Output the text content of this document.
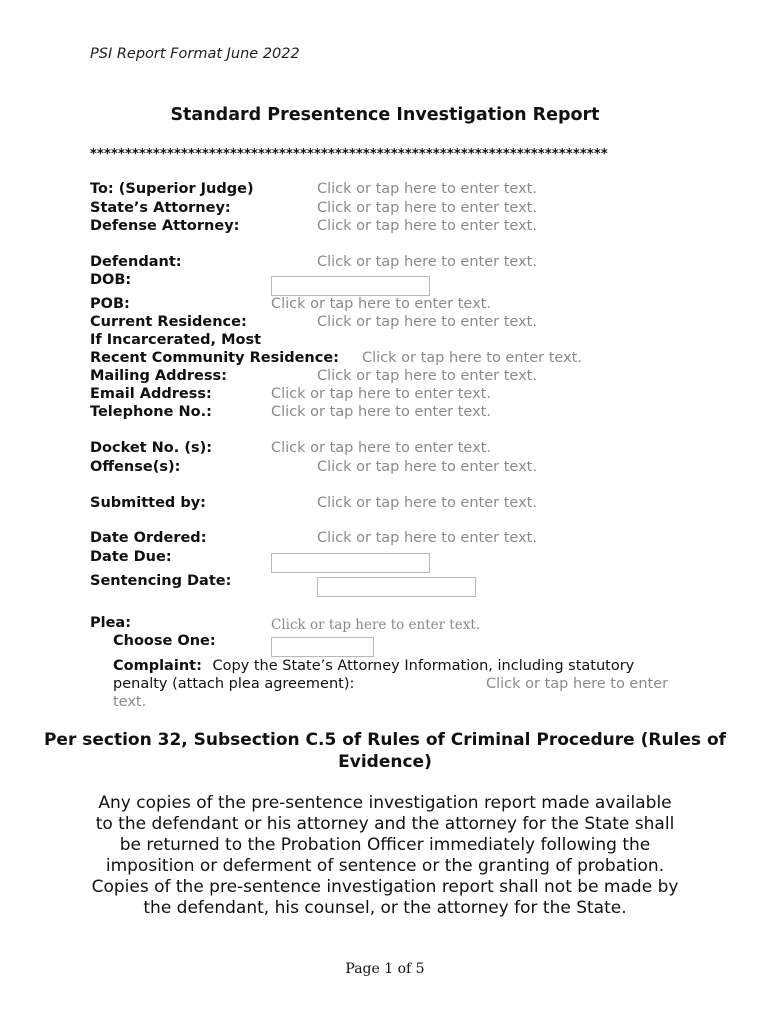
PSI Report Format June 2022
Standard Presentence Investigation Report
**************************************************************************
To: (Superior Judge)	Click or tap here to enter text.
State’s Attorney:	Click or tap here to enter text.
Defense Attorney:	Click or tap here to enter text.
Defendant:	Click or tap here to enter text.
DOB:
POB:	Click or tap here to enter text.
Current Residence:	Click or tap here to enter text.
If Incarcerated, Most
Recent Community Residence: Click or tap here to enter text.
Mailing Address:	Click or tap here to enter text.
Email Address:	Click or tap here to enter text.
Telephone No.:	Click or tap here to enter text.
Docket No. (s):	Click or tap here to enter text.
Offense(s):	Click or tap here to enter text.
Submitted by:	Click or tap here to enter text.
Date Ordered:	Click or tap here to enter text.
Date Due:
Sentencing Date:
Plea:	Click or tap here to enter text.
Choose One:
Complaint: Copy the State’s Attorney Information, including statutory penalty (attach plea agreement):	Click or tap here to enter text.
Per section 32, Subsection C.5 of Rules of Criminal Procedure (Rules of Evidence)
Any copies of the pre-sentence investigation report made available to the defendant or his attorney and the attorney for the State shall be returned to the Probation Officer immediately following the imposition or deferment of sentence or the granting of probation. Copies of the pre-sentence investigation report shall not be made by the defendant, his counsel, or the attorney for the State.
Page 1 of 5
